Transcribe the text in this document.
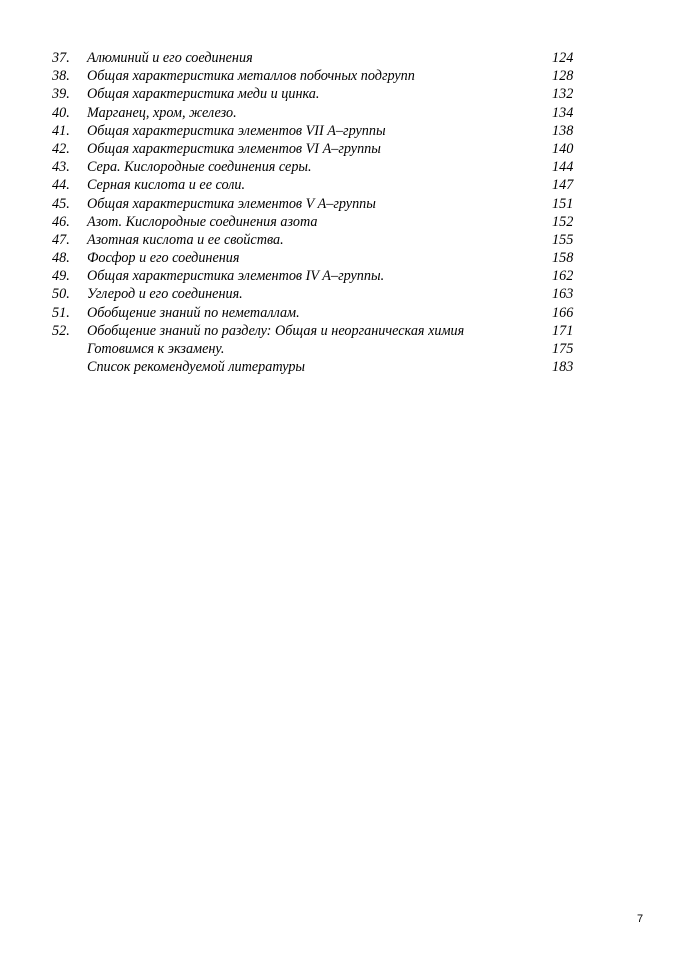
37. Алюминий и его соединения	124
38. Общая характеристика металлов побочных подгрупп	128
39. Общая характеристика меди и цинка.	132
40. Марганец, хром, железо.	134
41. Общая характеристика элементов VII А–группы	138
42. Общая характеристика элементов VI А–группы	140
43. Сера. Кислородные соединения серы.	144
44. Серная кислота и ее соли.	147
45. Общая характеристика элементов V А–группы	151
46. Азот. Кислородные соединения азота	152
47. Азотная кислота и ее свойства.	155
48. Фосфор и его соединения	158
49. Общая характеристика элементов IV А–группы.	162
50. Углерод и его соединения.	163
51. Обобщение знаний по неметаллам.	166
52. Обобщение знаний по разделу: Общая и неорганическая химия	171
Готовимся к экзамену.	175
Список рекомендуемой литературы	183
7
